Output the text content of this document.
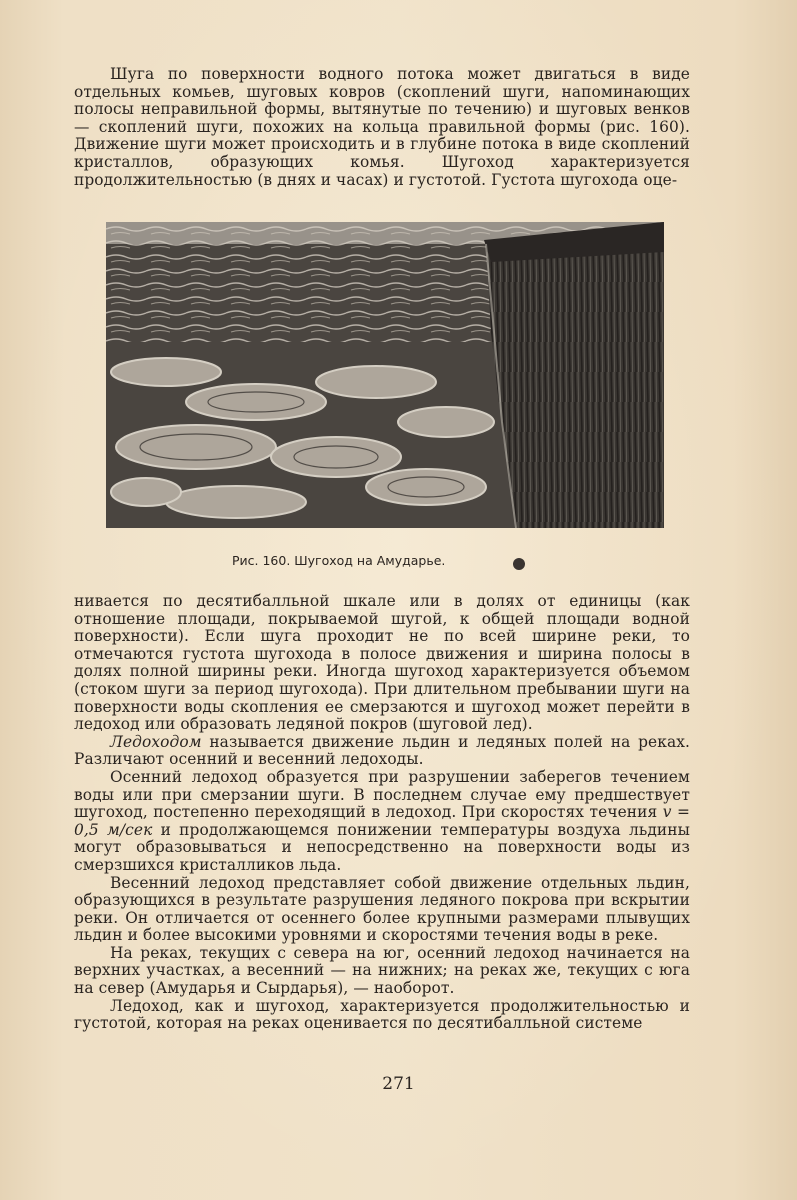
Шуга по поверхности водного потока может двигаться в виде отдельных комьев, шуговых ковров (скоплений шуги, напоминающих полосы неправильной формы, вытянутые по течению) и шуговых венков — скоплений шуги, похожих на кольца правильной формы (рис. 160). Движение шуги может происходить и в глубине потока в виде скоплений кристаллов, образующих комья. Шугоход характеризуется продолжительностью (в днях и часах) и густотой. Густота шугохода оце-

Рис. 160. Шугоход на Амударье.

нивается по десятибалльной шкале или в долях от единицы (как отношение площади, покрываемой шугой, к общей площади водной поверхности). Если шуга проходит не по всей ширине реки, то отмечаются густота шугохода в полосе движения и ширина полосы в долях полной ширины реки. Иногда шугоход характеризуется объемом (стоком шуги за период шугохода). При длительном пребывании шуги на поверхности воды скопления ее смерзаются и шугоход может перейти в ледоход или образовать ледяной покров (шуговой лед).

Ледоходом называется движение льдин и ледяных полей на реках. Различают осенний и весенний ледоходы.

Осенний ледоход образуется при разрушении заберегов течением воды или при смерзании шуги. В последнем случае ему предшествует шугоход, постепенно переходящий в ледоход. При скоростях течения v = 0,5 м/сек и продолжающемся понижении температуры воздуха льдины могут образовываться и непосредственно на поверхности воды из смерзшихся кристалликов льда.

Весенний ледоход представляет собой движение отдельных льдин, образующихся в результате разрушения ледяного покрова при вскрытии реки. Он отличается от осеннего более крупными размерами плывущих льдин и более высокими уровнями и скоростями течения воды в реке.

На реках, текущих с севера на юг, осенний ледоход начинается на верхних участках, а весенний — на нижних; на реках же, текущих с юга на север (Амударья и Сырдарья), — наоборот.

Ледоход, как и шугоход, характеризуется продолжительностью и густотой, которая на реках оценивается по десятибалльной системе

271
